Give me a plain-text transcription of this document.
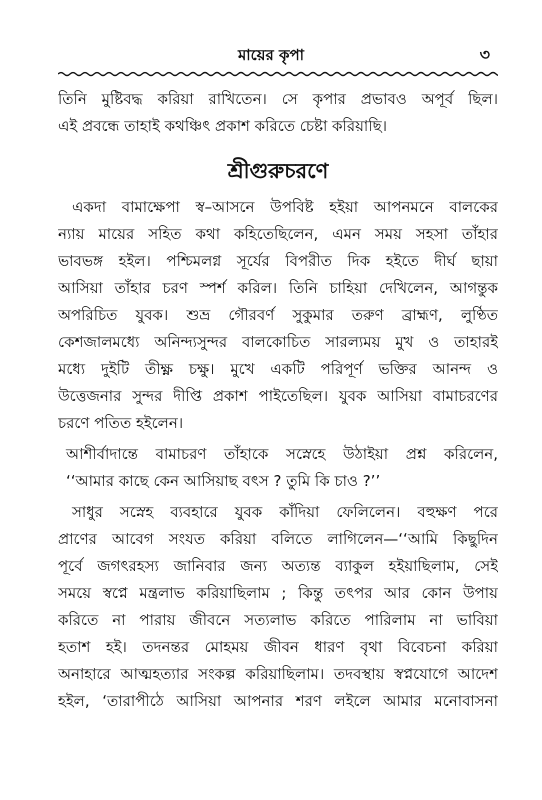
মায়ের কৃপা	৩
তিনি মুষ্টিবদ্ধ করিয়া রাখিতেন। সে কৃপার প্রভাবও অপূর্ব ছিল।
এই প্রবন্ধে তাহাই কথঞ্চিৎ প্রকাশ করিতে চেষ্টা করিয়াছি।
শ্রীগুরুচরণে
একদা বামাক্ষেপা স্ব–আসনে উপবিষ্ট হইয়া আপনমনে বালকের
ন্যায় মায়ের সহিত কথা কহিতেছিলেন, এমন সময় সহসা তাঁহার
ভাবভঙ্গ হইল। পশ্চিমলগ্ন সূর্যের বিপরীত দিক হইতে দীর্ঘ ছায়া
আসিয়া তাঁহার চরণ স্পর্শ করিল। তিনি চাহিয়া দেখিলেন, আগন্তুক
অপরিচিত যুবক। শুভ্র গৌরবর্ণ সুকুমার তরুণ ব্রাহ্মণ, লুণ্ঠিত
কেশজালমধ্যে অনিন্দ্যসুন্দর বালকোচিত সারল্যময় মুখ ও তাহারই
মধ্যে দুইটি তীক্ষ্ণ চক্ষু। মুখে একটি পরিপূর্ণ ভক্তির আনন্দ ও
উত্তেজনার সুন্দর দীপ্তি প্রকাশ পাইতেছিল। যুবক আসিয়া বামাচরণের
চরণে পতিত হইলেন।
আশীর্বাদান্তে বামাচরণ তাঁহাকে সস্নেহে উঠাইয়া প্রশ্ন করিলেন,
‘‘আমার কাছে কেন আসিয়াছ বৎস ? তুমি কি চাও ?’’
সাধুর সস্নেহ ব্যবহারে যুবক কাঁদিয়া ফেলিলেন। বহুক্ষণ পরে
প্রাণের আবেগ সংযত করিয়া বলিতে লাগিলেন—‘‘আমি কিছুদিন
পূর্বে জগৎরহস্য জানিবার জন্য অত্যন্ত ব্যাকুল হইয়াছিলাম, সেই
সময়ে স্বপ্নে মন্ত্রলাভ করিয়াছিলাম ; কিন্তু তৎপর আর কোন উপায়
করিতে না পারায় জীবনে সত্যলাভ করিতে পারিলাম না ভাবিয়া
হতাশ হই। তদনন্তর মোহময় জীবন ধারণ বৃথা বিবেচনা করিয়া
অনাহারে আত্মহত্যার সংকল্প করিয়াছিলাম। তদবস্থায় স্বপ্নযোগে আদেশ
হইল, ‘তারাপীঠে আসিয়া আপনার শরণ লইলে আমার মনোবাসনা
